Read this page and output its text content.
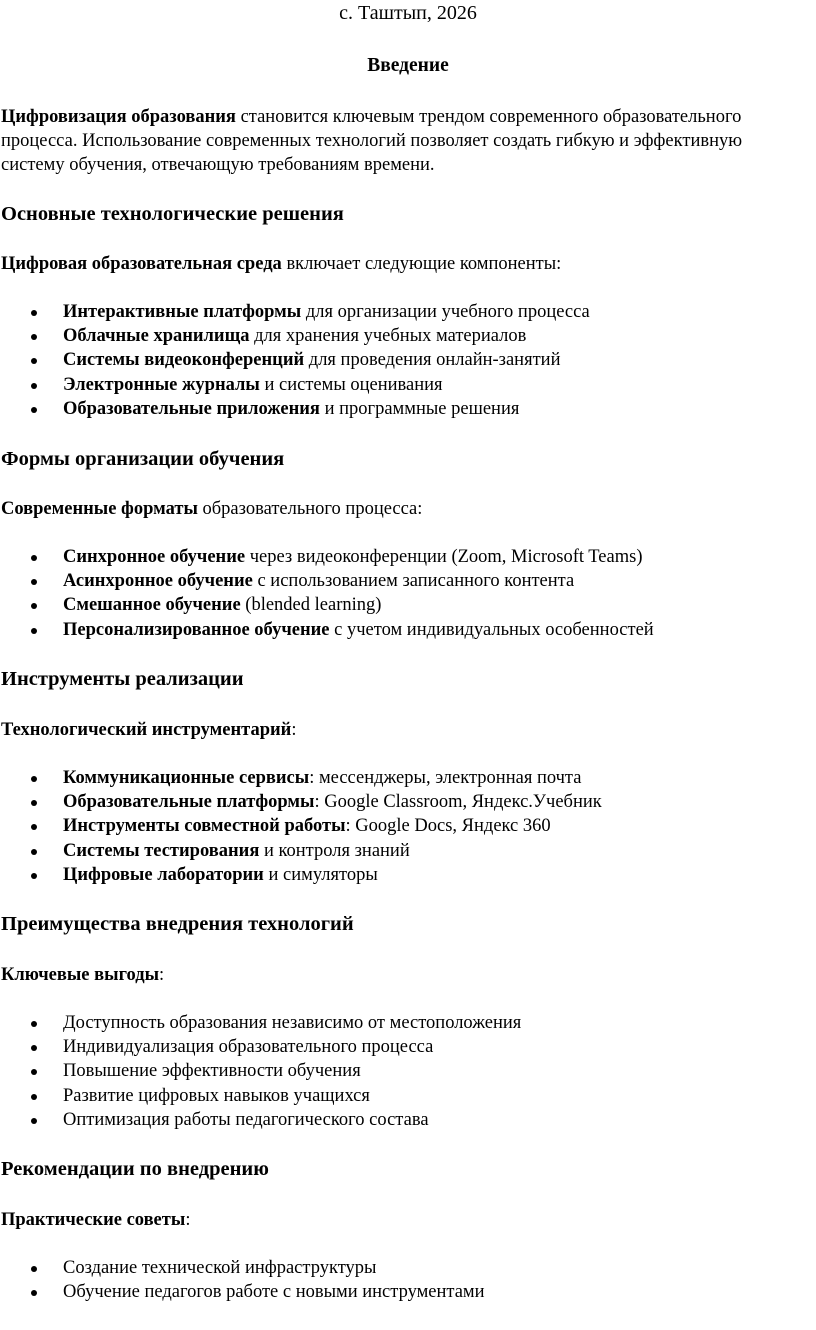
с. Таштып, 2026

Введение

Цифровизация образования становится ключевым трендом современного образовательного процесса. Использование современных технологий позволяет создать гибкую и эффективную систему обучения, отвечающую требованиям времени.

Основные технологические решения

Цифровая образовательная среда включает следующие компоненты:

Интерактивные платформы для организации учебного процесса
Облачные хранилища для хранения учебных материалов
Системы видеоконференций для проведения онлайн-занятий
Электронные журналы и системы оценивания
Образовательные приложения и программные решения

Формы организации обучения

Современные форматы образовательного процесса:

Синхронное обучение через видеоконференции (Zoom, Microsoft Teams)
Асинхронное обучение с использованием записанного контента
Смешанное обучение (blended learning)
Персонализированное обучение с учетом индивидуальных особенностей

Инструменты реализации

Технологический инструментарий:

Коммуникационные сервисы: мессенджеры, электронная почта
Образовательные платформы: Google Classroom, Яндекс.Учебник
Инструменты совместной работы: Google Docs, Яндекс 360
Системы тестирования и контроля знаний
Цифровые лаборатории и симуляторы

Преимущества внедрения технологий

Ключевые выгоды:

Доступность образования независимо от местоположения
Индивидуализация образовательного процесса
Повышение эффективности обучения
Развитие цифровых навыков учащихся
Оптимизация работы педагогического состава

Рекомендации по внедрению

Практические советы:

Создание технической инфраструктуры
Обучение педагогов работе с новыми инструментами
